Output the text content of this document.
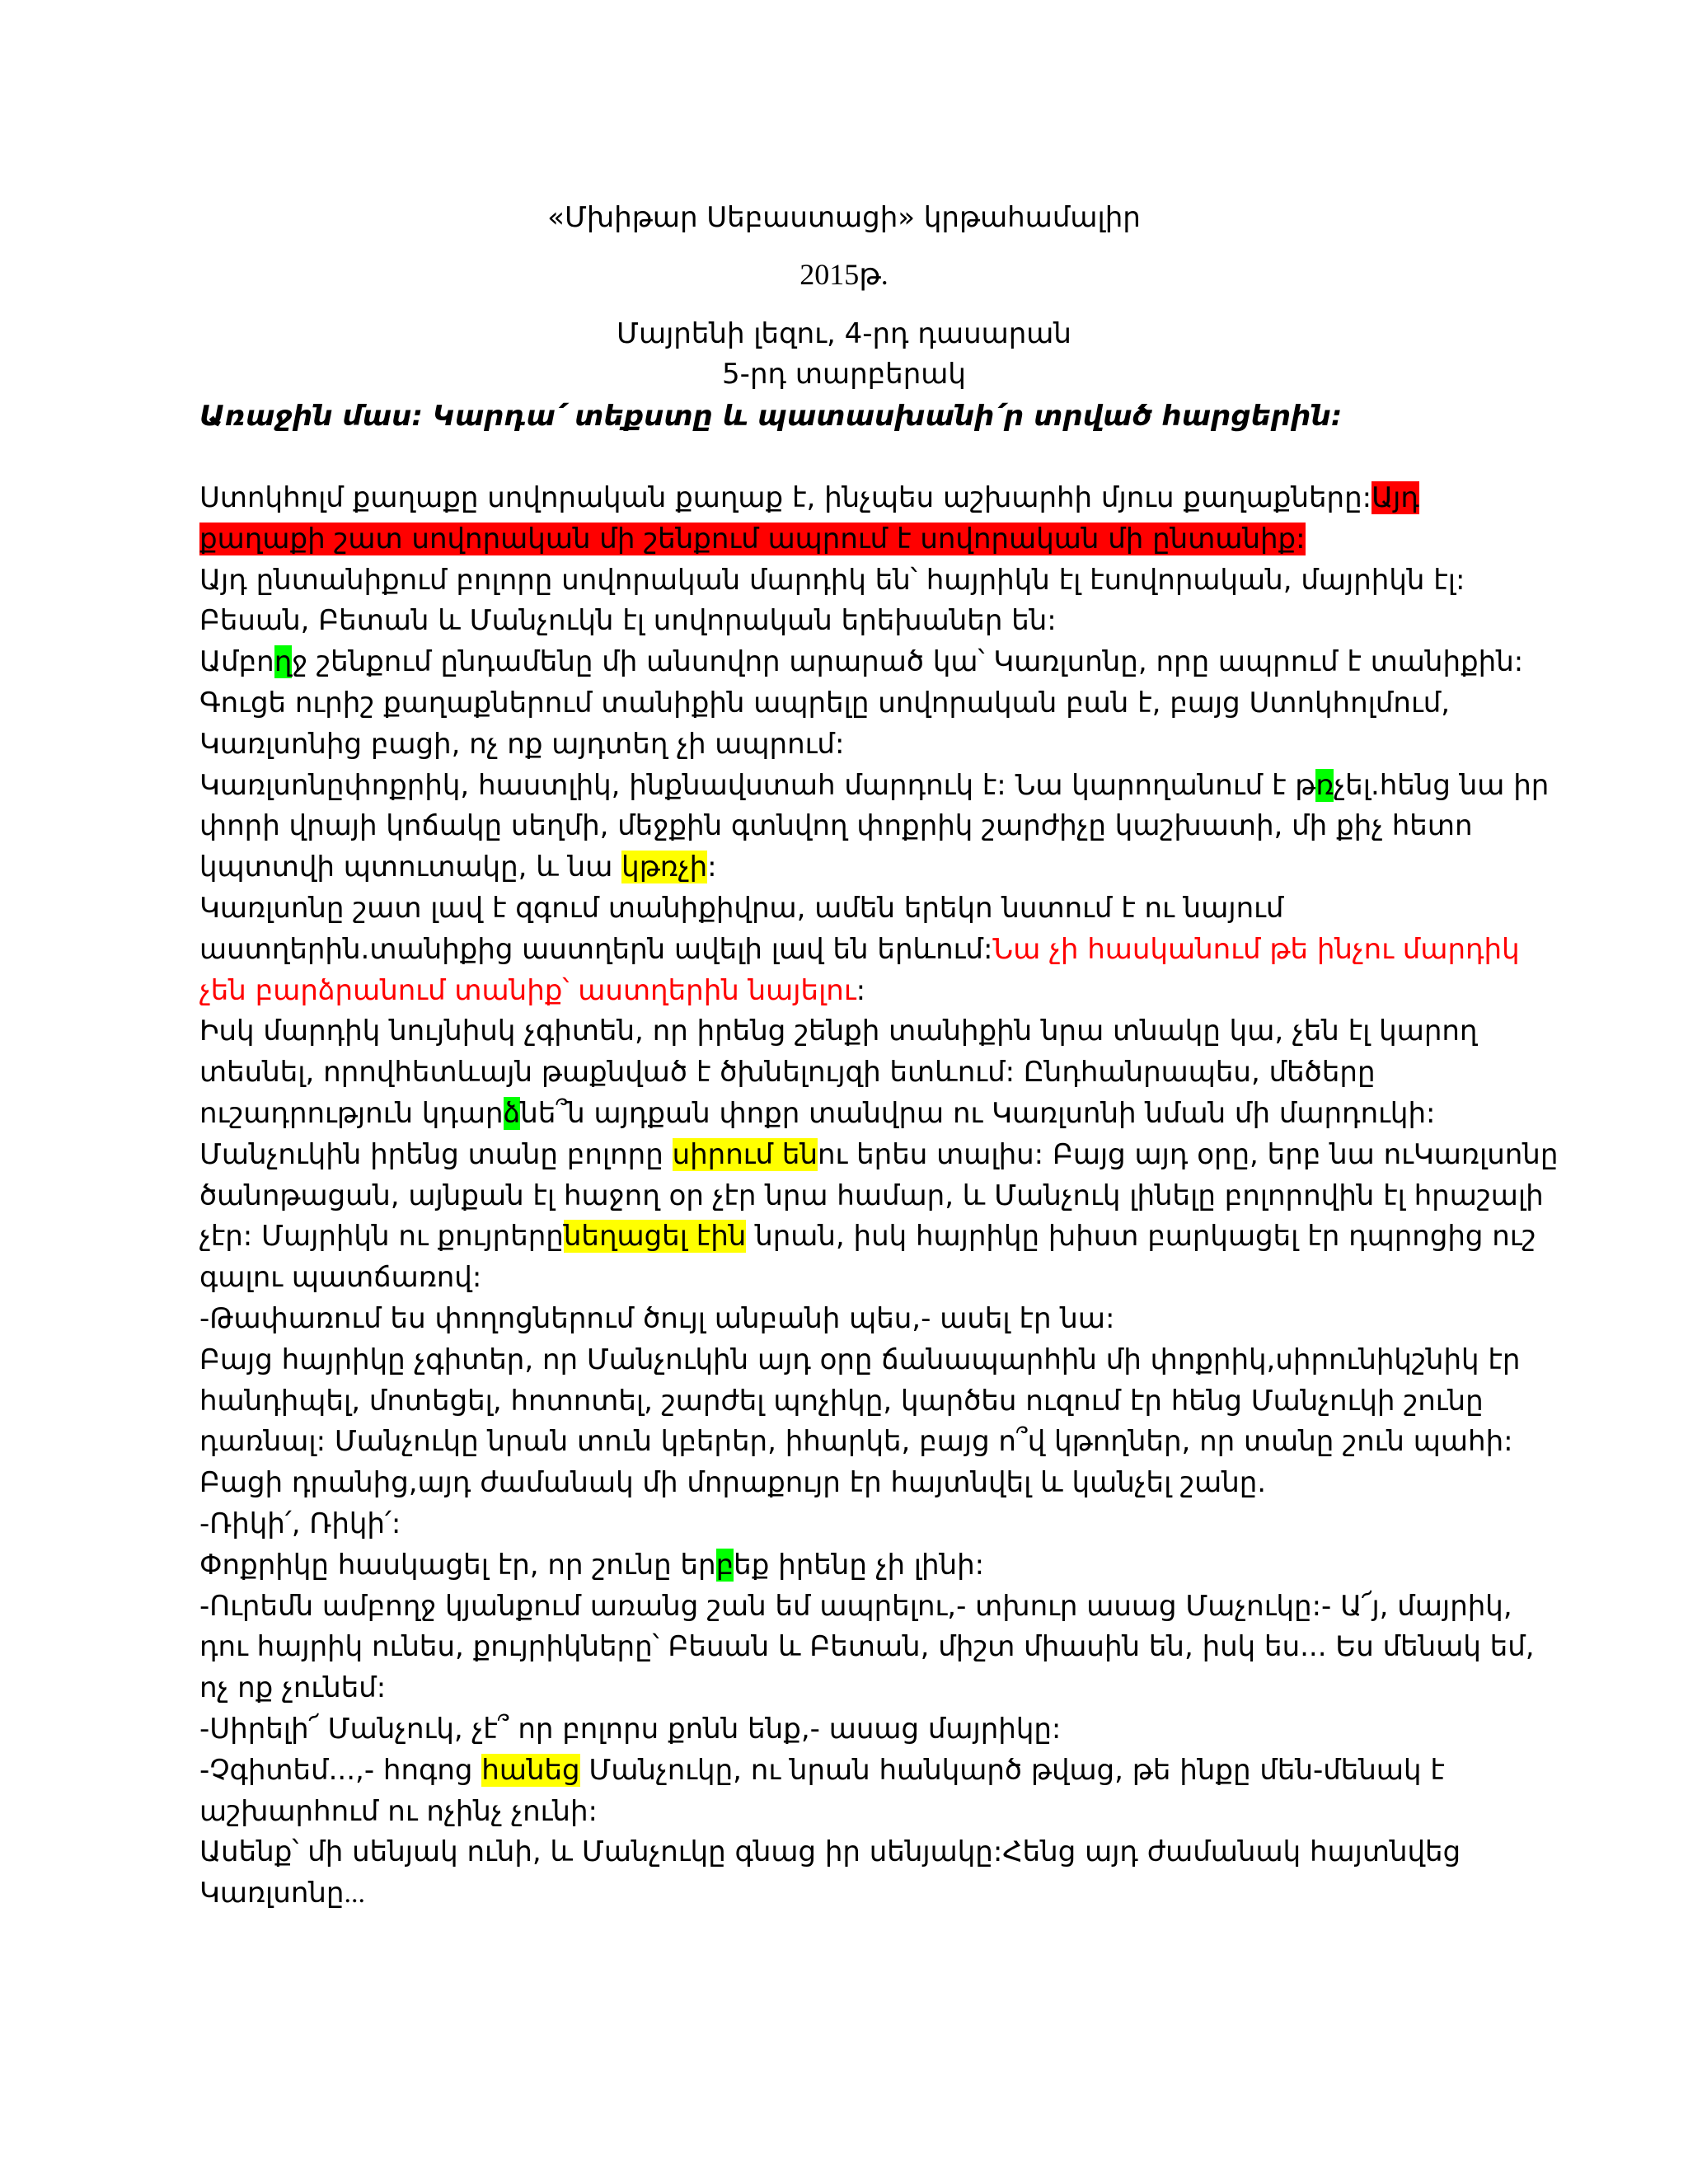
«Մխիթար Սեբաստացի» կրթահամալիր
2015թ.
Մայրենի լեզու, 4-րդ դասարան
5-րդ տարբերակ
Առաջին մաս: Կարդա՛ տեքստը և պատասխանի՛ր տրված հարցերին:
Ստոկհոլմ քաղաքը սովորական քաղաք է, ինչպես աշխարհի մյուս քաղաքները:Այդ
քաղաքի շատ սովորական մի շենքում ապրում է սովորական մի ընտանիք:
Այդ ընտանիքում բոլորը սովորական մարդիկ են՝ հայրիկն էլ էսովորական, մայրիկն էլ:
Բեսան, Բետան և Մանչուկն էլ սովորական երեխաներ են:
Ամբողջ շենքում ընդամենը մի անսովոր արարած կա՝ Կառլսոնը, որը ապրում է տանիքին:
Գուցե ուրիշ քաղաքներում տանիքին ապրելը սովորական բան է, բայց Ստոկհոլմում,
Կառլսոնից բացի, ոչ ոք այդտեղ չի ապրում:
Կառլսոնըփոքրիկ, հաստլիկ, ինքնավստահ մարդուկ է: Նա կարողանում է թռչել.հենց նա իր
փորի վրայի կոճակը սեղմի, մեջքին գտնվող փոքրիկ շարժիչը կաշխատի, մի քիչ հետո
կպտտվի պտուտակը, և նա կթռչի:
Կառլսոնը շատ լավ է զգում տանիքիվրա, ամեն երեկո նստում է ու նայում
աստղերին.տանիքից աստղերն ավելի լավ են երևում:Նա չի հասկանում թե ինչու մարդիկ
չեն բարձրանում տանիք՝ աստղերին նայելու:
Իսկ մարդիկ նույնիսկ չգիտեն, որ իրենց շենքի տանիքին նրա տնակը կա, չեն էլ կարող
տեսնել, որովհետևայն թաքնված է ծխնելույզի ետևում: Ընդհանրապես, մեծերը
ուշադրություն կդարձնե՞ն այդքան փոքր տանվրա ու Կառլսոնի նման մի մարդուկի:
Մանչուկին իրենց տանը բոլորը սիրում ենու երես տալիս: Բայց այդ օրը, երբ նա ուԿառլսոնը
ծանոթացան, այնքան էլ հաջող օր չէր նրա համար, և Մանչուկ լինելը բոլորովին էլ հրաշալի
չէր: Մայրիկն ու քույրերընեղացել էին նրան, իսկ հայրիկը խիստ բարկացել էր դպրոցից ուշ
գալու պատճառով:
-Թափառում ես փողոցներում ծույլ անբանի պես,- ասել էր նա:
Բայց հայրիկը չգիտեր, որ Մանչուկին այդ օրը ճանապարհին մի փոքրիկ,սիրունիկշնիկ էր
հանդիպել, մոտեցել, հոտոտել, շարժել պոչիկը, կարծես ուզում էր հենց Մանչուկի շունը
դառնալ: Մանչուկը նրան տուն կբերեր, իհարկե, բայց ո՞վ կթողներ, որ տանը շուն պահի:
Բացի դրանից,այդ ժամանակ մի մորաքույր էր հայտնվել և կանչել շանը.
-Ռիկի՛, Ռիկի՛:
Փոքրիկը հասկացել էր, որ շունը երբեք իրենը չի լինի:
-Ուրեմն ամբողջ կյանքում առանց շան եմ ապրելու,- տխուր ասաց Մաչուկը:- Ա՜յ, մայրիկ,
դու հայրիկ ունես, քույրիկները՝ Բեսան և Բետան, միշտ միասին են, իսկ ես... Ես մենակ եմ,
ոչ ոք չունեմ:
-Սիրելի՜ Մանչուկ, չէ՞ որ բոլորս քոնն ենք,- ասաց մայրիկը:
-Չգիտեմ...,- հոգոց հանեց Մանչուկը, ու նրան հանկարծ թվաց, թե ինքը մեն-մենակ է
աշխարհում ու ոչինչ չունի:
Ասենք՝ մի սենյակ ունի, և Մանչուկը գնաց իր սենյակը:Հենց այդ ժամանակ հայտնվեց
Կառլսոնը...
